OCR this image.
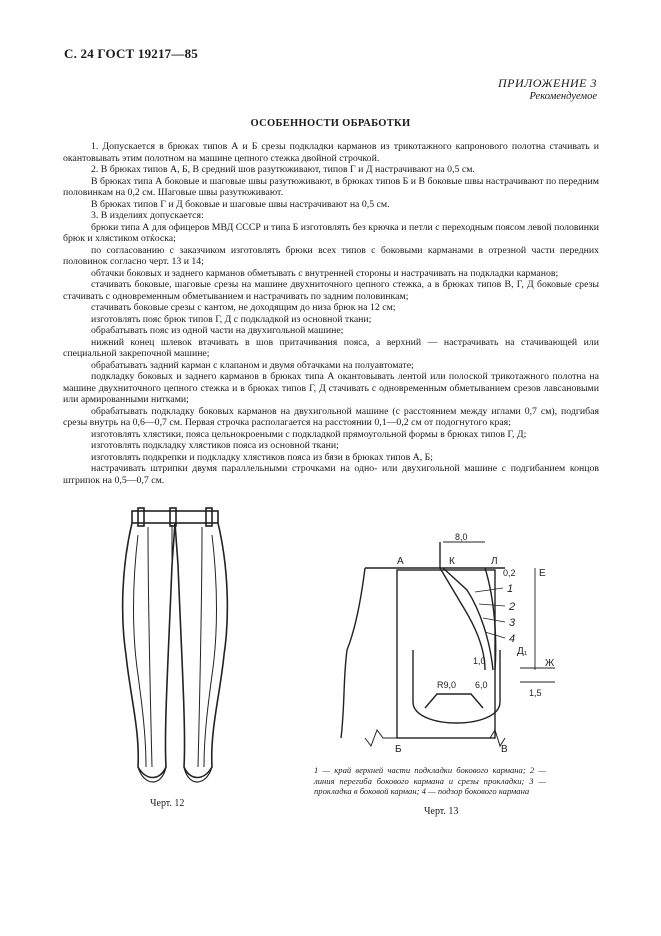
С. 24 ГОСТ 19217—85
ПРИЛОЖЕНИЕ 3
Рекомендуемое
ОСОБЕННОСТИ ОБРАБОТКИ

1. Допускается в брюках типов А и Б срезы подкладки карманов из трикотажного капронового полотна стачивать и окантовывать этим полотном на машине цепного стежка двойной строчкой.

2. В брюках типов А, Б, В средний шов разутюживают, типов Г и Д настрачивают на 0,5 см.

В брюках типа А боковые и шаговые швы разутюживают, в брюках типов Б и В боковые швы настрачивают по передним половинкам на 0,2 см. Шаговые швы разутюживают.

В брюках типов Г и Д боковые и шаговые швы настрачивают на 0,5 см.

3. В изделиях допускается:

брюки типа А для офицеров МВД СССР и типа Б изготовлять без крючка и петли с переходным поясом левой половинки брюк и хлястиком отќоска;

по согласованию с заказчиком изготовлять брюки всех типов с боковыми карманами в отрезной части передних половинок согласно черт. 13 и 14;

обтачки боковых и заднего карманов обметывать с внутренней стороны и настрачивать на подкладки карманов;

стачивать боковые, шаговые срезы на машине двухниточного цепного стежка, а в брюках типов В, Г, Д боковые срезы стачивать с одновременным обметыванием и настрачивать по задним половинкам;

стачивать боковые срезы с кантом, не доходящим до низа брюк на 12 см;

изготовлять пояс брюк типов Г, Д с подкладкой из основной ткани;

обрабатывать пояс из одной части на двухигольной машине;

нижний конец шлевок втачивать в шов притачивания пояса, а верхний — настрачивать на стачивающей или специальной закрепочной машине;

обрабатывать задний карман с клапаном и двумя обтачками на полуавтомате;

подкладку боковых и заднего карманов в брюках типа А окантовывать лентой или полоской трикотажного полотна на машине двухниточного цепного стежка и в брюках типов Г, Д стачивать с одновременным обметыванием срезов лавсановыми или армированными нитками;

обрабатывать подкладку боковых карманов на двухигольной машине (с расстоянием между иглами 0,7 см), подгибая срезы внутрь на 0,6—0,7 см. Первая строчка располагается на расстоянии 0,1—0,2 см от подогнутого края;

изготовлять хлястики, пояса цельнокроеными с подкладкой прямоугольной формы в брюках типов Г, Д;

изготовлять подкладку хлястиков пояса из основной ткани;

изготовлять подкрепки и подкладку хлястиков пояса из бязи в брюках типов А, Б;

настрачивать штрипки двумя параллельными строчками на одно- или двухигольной машине с подгибанием концов штрипок на 0,5—0,7 см.

Черт. 12
А	К	Л
Е
Б	В
Ж
Д₁
1
2
3
4
8,0
0,2
1,0
R9,0 6,0
1,5
1 — край верхней части подкладки бокового кармана; 2 — линия перегиба бокового кармана и срезы прокладки; 3 — прокладка в боковой карман; 4 — подзор бокового кармана
Черт. 13
